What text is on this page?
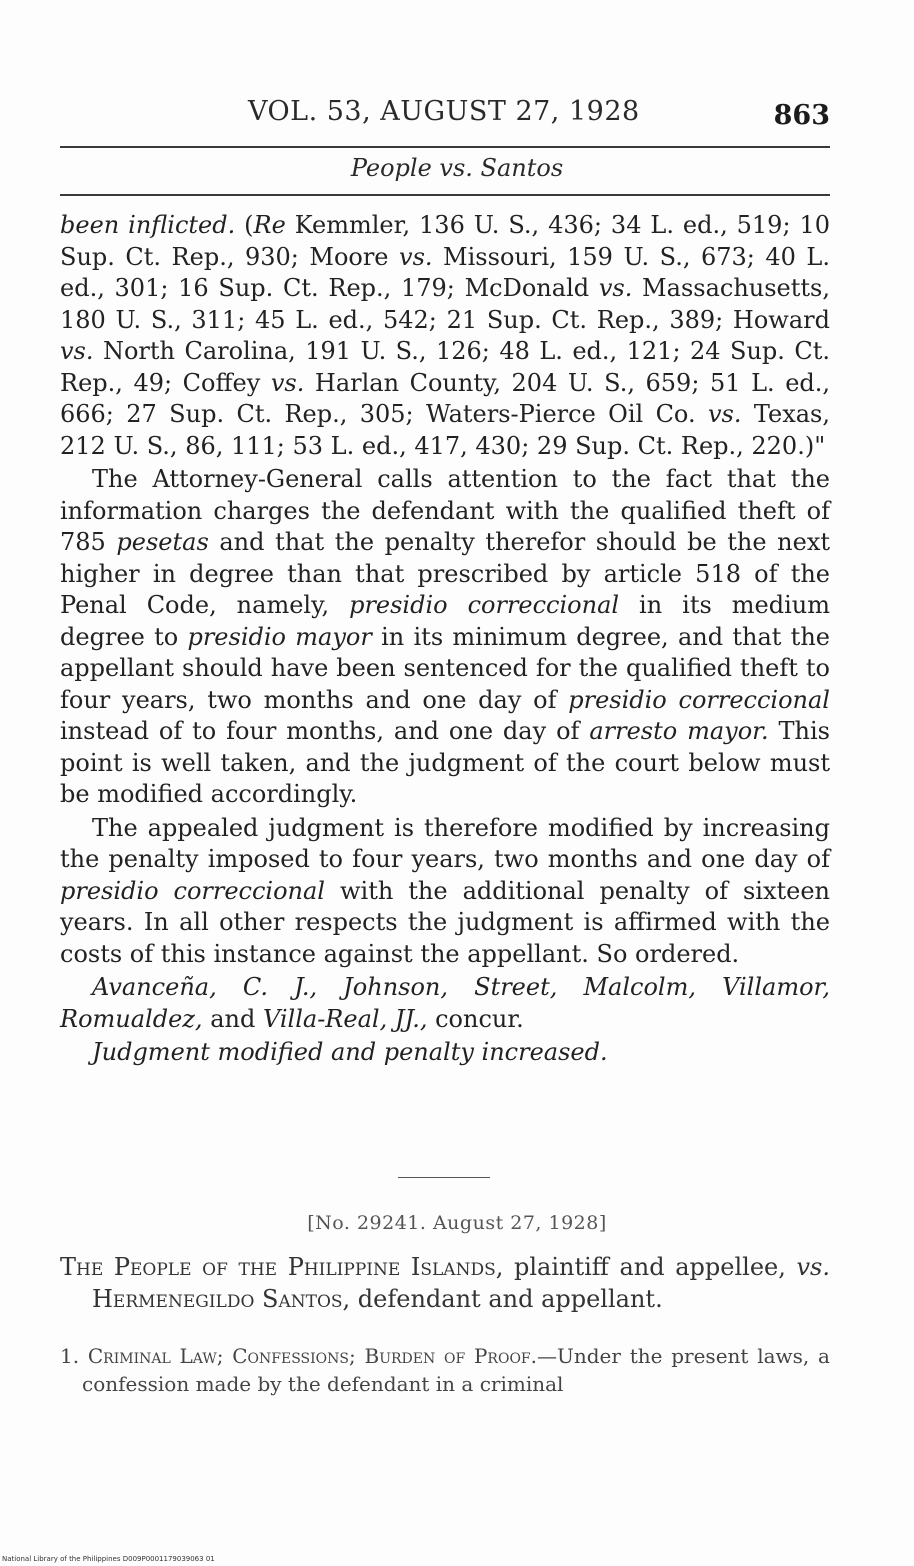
VOL. 53, AUGUST 27, 1928	863
People vs. Santos

been inflicted. (Re Kemmler, 136 U. S., 436; 34 L. ed., 519; 10 Sup. Ct. Rep., 930; Moore vs. Missouri, 159 U. S., 673; 40 L. ed., 301; 16 Sup. Ct. Rep., 179; McDonald vs. Massachusetts, 180 U. S., 311; 45 L. ed., 542; 21 Sup. Ct. Rep., 389; Howard vs. North Carolina, 191 U. S., 126; 48 L. ed., 121; 24 Sup. Ct. Rep., 49; Coffey vs. Harlan County, 204 U. S., 659; 51 L. ed., 666; 27 Sup. Ct. Rep., 305; Waters-Pierce Oil Co. vs. Texas, 212 U. S., 86, 111; 53 L. ed., 417, 430; 29 Sup. Ct. Rep., 220.)"

The Attorney-General calls attention to the fact that the information charges the defendant with the qualified theft of 785 pesetas and that the penalty therefor should be the next higher in degree than that prescribed by article 518 of the Penal Code, namely, presidio correccional in its medium degree to presidio mayor in its minimum degree, and that the appellant should have been sentenced for the qualified theft to four years, two months and one day of presidio correccional instead of to four months, and one day of arresto mayor. This point is well taken, and the judgment of the court below must be modified accordingly.

The appealed judgment is therefore modified by increasing the penalty imposed to four years, two months and one day of presidio correccional with the additional penalty of sixteen years. In all other respects the judgment is affirmed with the costs of this instance against the appellant. So ordered.

Avanceña, C. J., Johnson, Street, Malcolm, Villamor, Romualdez, and Villa-Real, JJ., concur.

Judgment modified and penalty increased.

[No. 29241. August 27, 1928]

The People of the Philippine Islands, plaintiff and appellee, vs. Hermenegildo Santos, defendant and appellant.

1. Criminal Law; Confessions; Burden of Proof.—Under the present laws, a confession made by the defendant in a criminal

National Library of the Philippines D009P0001179039063 01
